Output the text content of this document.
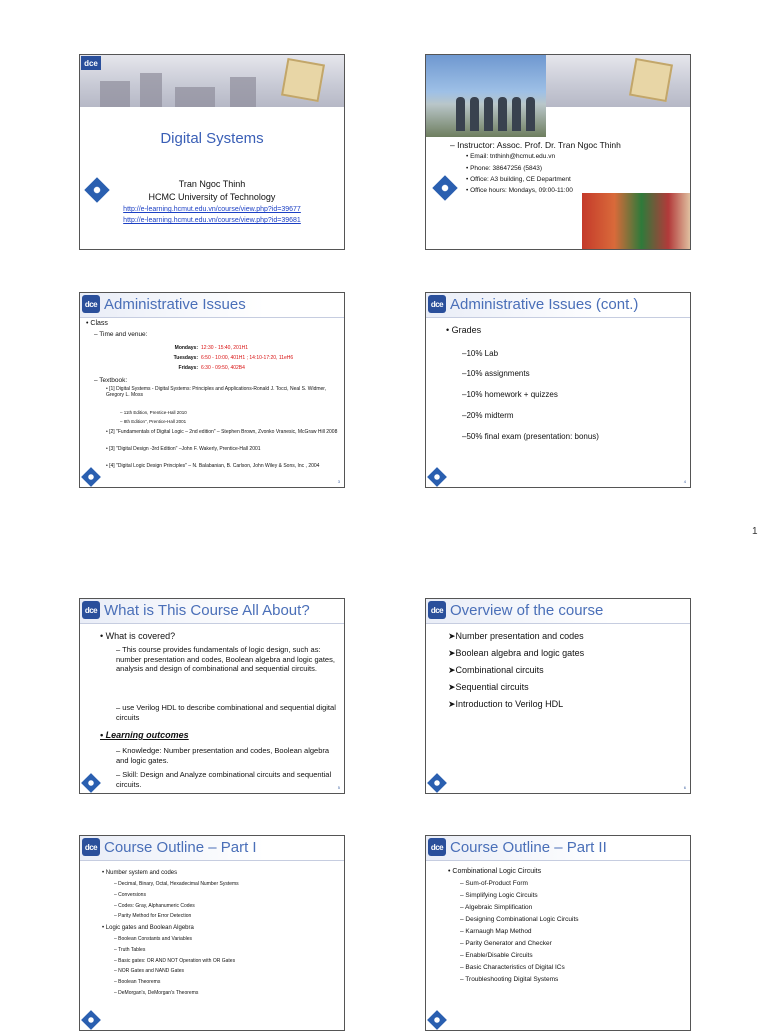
dce
Digital Systems
Tran Ngoc Thinh
HCMC University of Technology
http://e-learning.hcmut.edu.vn/course/view.php?id=39677
http://e-learning.hcmut.edu.vn/course/view.php?id=39681
– Instructor: Assoc. Prof. Dr. Tran Ngoc Thinh
• Email: tnthinh@hcmut.edu.vn
• Phone: 38647256 (5843)
• Office: A3 building, CE Department
• Office hours: Mondays, 09:00-11:00
dce Administrative Issues
• Class
– Time and venue:
Mondays: 12:30 - 15:40, 201H1
Tuesdays: 6:50 - 10:00, 401H1 ; 14:10-17:20, 11eH6
Fridays: 6:30 - 09:50, 402B4
– Textbook:
• [1] Digital Systems - Digital Systems: Principles and Applications-Ronald J. Tocci, Neal S. Widmer, Gregory L. Moss
– 11th Edition, Prentice-Hall 2010
– 8th Edition", Prentice-Hall 2001
• [2] "Fundamentals of Digital Logic – 2nd edition" – Stephen Brown, Zvonko Vranesic, McGraw Hill 2008
• [3] "Digital Design -3rd Edition" –John F. Wakerly, Prentice-Hall 2001
• [4] "Digital Logic Design Principles" – N. Balabanian, B. Carlson, John Wiley & Sons, Inc , 2004
3
dce Administrative Issues (cont.)
• Grades
–10% Lab
–10% assignments
–10% homework + quizzes
–20% midterm
–50% final exam (presentation: bonus)
4
1
dce What is This Course All About?
• What is covered?
– This course provides fundamentals of logic design, such as: number presentation and codes, Boolean algebra and logic gates, analysis and design of combinational and sequential circuits.
– use Verilog HDL to describe combinational and sequential digital circuits
• Learning outcomes
– Knowledge: Number presentation and codes, Boolean algebra and logic gates.
– Skill: Design and Analyze combinational circuits and sequential circuits.	5
dce Overview of the course
➤Number presentation and codes
➤Boolean algebra and logic gates
➤Combinational circuits
➤Sequential circuits
➤Introduction to Verilog HDL
6
dce Course Outline – Part I
• Number system and codes
– Decimal, Binary, Octal, Hexadecimal Number Systems
– Conversions
– Codes: Gray, Alphanumeric Codes
– Parity Method for Error Detection
• Logic gates and Boolean Algebra
– Boolean Constants and Variables
– Truth Tables
– Basic gates: OR AND NOT Operation with OR Gates
– NOR Gates and NAND Gates
– Boolean Theorems
– DeMorgan's, DeMorgan's Theorems
dce Course Outline – Part II
• Combinational Logic Circuits
– Sum-of-Product Form
– Simplifying Logic Circuits
– Algebraic Simplification
– Designing Combinational Logic Circuits
– Karnaugh Map Method
– Parity Generator and Checker
– Enable/Disable Circuits
– Basic Characteristics of Digital ICs
– Troubleshooting Digital Systems
